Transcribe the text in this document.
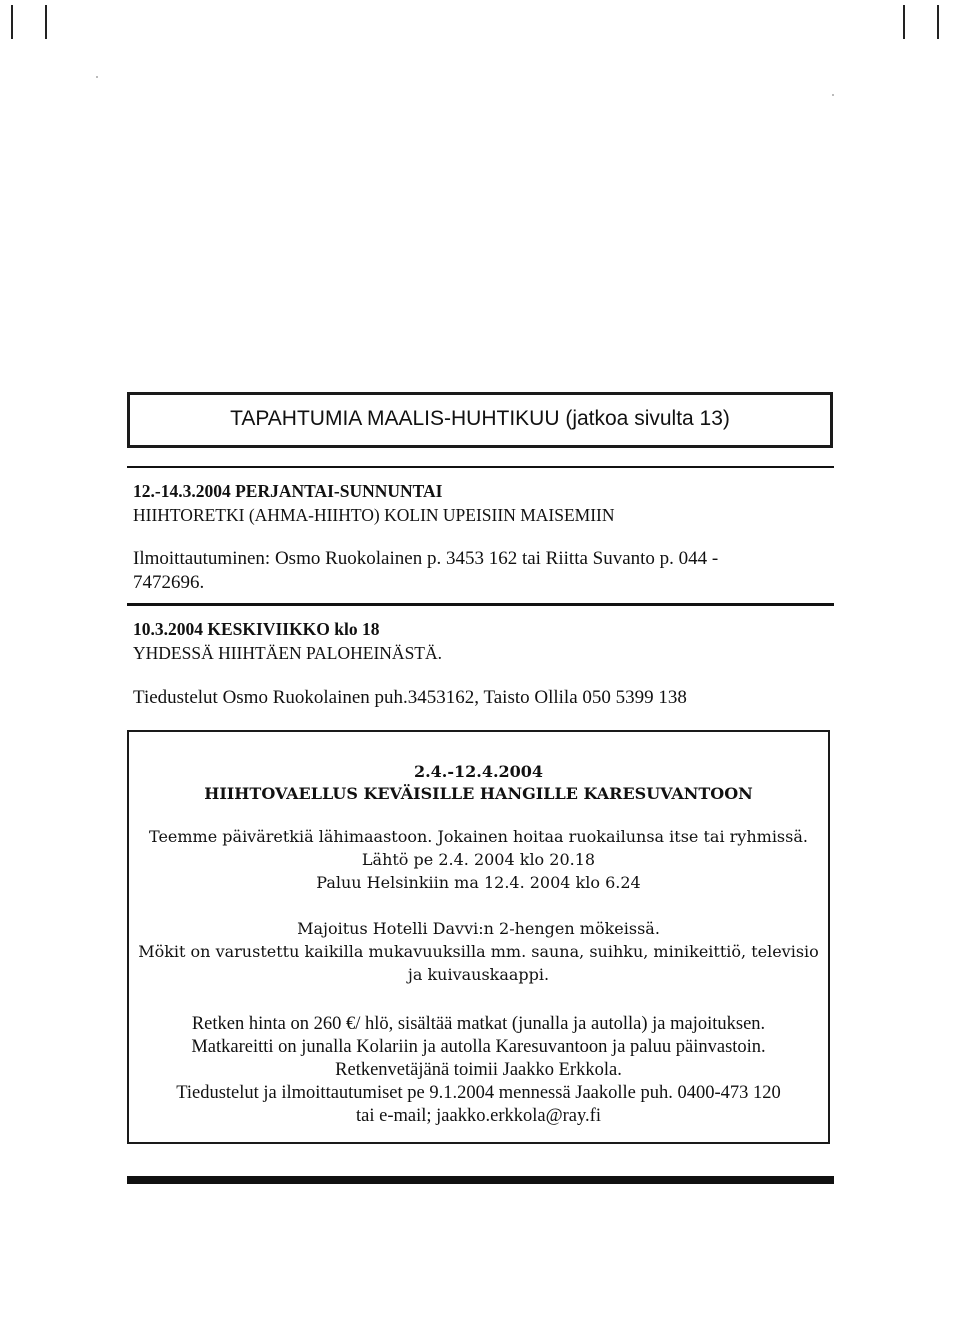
TAPAHTUMIA MAALIS-HUHTIKUU (jatkoa sivulta 13)
12.-14.3.2004 PERJANTAI-SUNNUNTAI
HIIHTORETKI (AHMA-HIIHTO) KOLIN UPEISIIN MAISEMIIN
Ilmoittautuminen: Osmo Ruokolainen p. 3453 162 tai Riitta Suvanto p. 044 -
7472696.
10.3.2004 KESKIVIIKKO klo 18
YHDESSÄ HIIHTÄEN PALOHEINÄSTÄ.
Tiedustelut Osmo Ruokolainen puh.3453162, Taisto Ollila 050 5399 138
2.4.-12.4.2004
HIIHTOVAELLUS KEVÄISILLE HANGILLE KARESUVANTOON
Teemme päiväretkiä lähimaastoon. Jokainen hoitaa ruokailunsa itse tai ryhmissä.
Lähtö pe 2.4. 2004 klo 20.18
Paluu Helsinkiin ma 12.4. 2004 klo 6.24
Majoitus Hotelli Davvi:n 2-hengen mökeissä.
Mökit on varustettu kaikilla mukavuuksilla mm. sauna, suihku, minikeittiö, televisio
ja kuivauskaappi.
Retken hinta on 260 €/ hlö, sisältää matkat (junalla ja autolla) ja majoituksen.
Matkareitti on junalla Kolariin ja autolla Karesuvantoon ja paluu päinvastoin.
Retkenvetäjänä toimii Jaakko Erkkola.
Tiedustelut ja ilmoittautumiset pe 9.1.2004 mennessä Jaakolle puh. 0400-473 120
tai e-mail; jaakko.erkkola@ray.fi
